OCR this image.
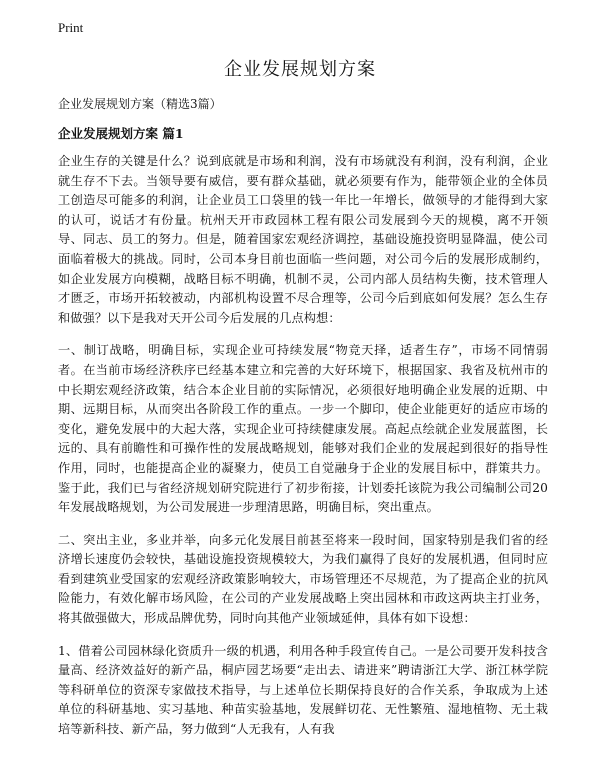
Print
企业发展规划方案
企业发展规划方案（精选3篇）
企业发展规划方案 篇1

企业生存的关键是什么？说到底就是市场和利润，没有市场就没有利润，没有利润，企业就生存不下去。当领导要有威信，要有群众基础，就必须要有作为，能带领企业的全体员工创造尽可能多的利润，让企业员工口袋里的钱一年比一年增长，做领导的才能得到大家的认可，说话才有份量。杭州天开市政园林工程有限公司发展到今天的规模，离不开领导、同志、员工的努力。但是，随着国家宏观经济调控，基础设施投资明显降温，使公司面临着极大的挑战。同时，公司本身目前也面临一些问题，对公司今后的发展形成制约，如企业发展方向模糊，战略目标不明确，机制不灵，公司内部人员结构失衡，技术管理人才匮乏，市场开拓较被动，内部机构设置不尽合理等，公司今后到底如何发展？怎么生存和做强？以下是我对天开公司今后发展的几点构想：

一、制订战略，明确目标，实现企业可持续发展“物竞天择，适者生存”，市场不同情弱者。在当前市场经济秩序已经基本建立和完善的大好环境下，根据国家、我省及杭州市的中长期宏观经济政策，结合本企业目前的实际情况，必须很好地明确企业发展的近期、中期、远期目标，从而突出各阶段工作的重点。一步一个脚印，使企业能更好的适应市场的变化，避免发展中的大起大落，实现企业可持续健康发展。高起点绘就企业发展蓝图，长远的、具有前瞻性和可操作性的发展战略规划，能够对我们企业的发展起到很好的指导性作用，同时，也能提高企业的凝聚力，使员工自觉融身于企业的发展目标中，群策共力。鉴于此，我们已与省经济规划研究院进行了初步衔接，计划委托该院为我公司编制公司20年发展战略规划，为公司发展进一步理清思路，明确目标，突出重点。

二、突出主业，多业并举，向多元化发展目前甚至将来一段时间，国家特别是我们省的经济增长速度仍会较快，基础设施投资规模较大，为我们赢得了良好的发展机遇，但同时应看到建筑业受国家的宏观经济政策影响较大，市场管理还不尽规范，为了提高企业的抗风险能力，有效化解市场风险，在公司的产业发展战略上突出园林和市政这两块主打业务，将其做强做大，形成品牌优势，同时向其他产业领域延伸，具体有如下设想：

1、借着公司园林绿化资质升一级的机遇，利用各种手段宣传自己。一是公司要开发科技含量高、经济效益好的新产品，桐庐园艺场要“走出去、请进来”聘请浙江大学、浙江林学院等科研单位的资深专家做技术指导，与上述单位长期保持良好的合作关系，争取成为上述单位的科研基地、实习基地、种苗实验基地，发展鲜切花、无性繁殖、湿地植物、无土栽培等新科技、新产品，努力做到“人无我有，人有我
